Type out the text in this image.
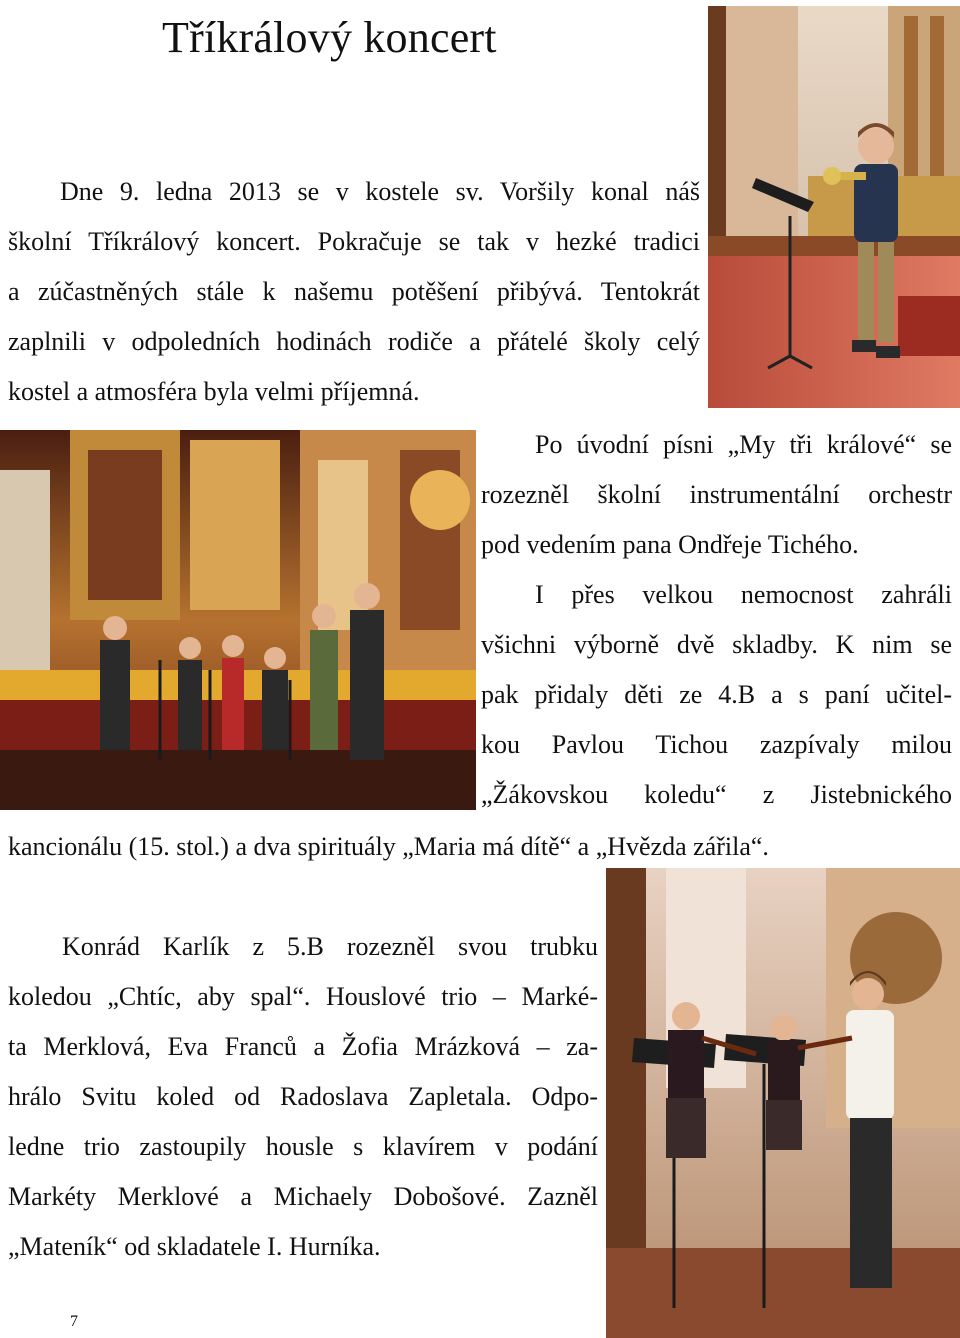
Tříkrálový koncert
Dne 9. ledna 2013 se v kostele sv. Voršily konal náš
školní Tříkrálový koncert. Pokračuje se tak v hezké tradici
a zúčastněných stále k našemu potěšení přibývá. Tentokrát
zaplnili v odpoledních hodinách rodiče a přátelé školy celý
kostel a atmosféra byla velmi příjemná.
Po úvodní písni „My tři králové“ se
rozezněl školní instrumentální orchestr
pod vedením pana Ondřeje Tichého.
I přes velkou nemocnost zahráli
všichni výborně dvě skladby. K nim se
pak přidaly děti ze 4.B a s paní učitel-
kou Pavlou Tichou zazpívaly milou
„Žákovskou koledu“ z Jistebnického
kancionálu (15. stol.) a dva spirituály „Maria má dítě“ a „Hvězda zářila“.
Konrád Karlík z 5.B rozezněl svou trubku
koledou „Chtíc, aby spal“. Houslové trio – Marké-
ta Merklová, Eva Franců a Žofia Mrázková – za-
hrálo Svitu koled od Radoslava Zapletala. Odpo-
ledne trio zastoupily housle s klavírem v podání
Markéty Merklové a Michaely Dobošové. Zazněl
„Mateník“ od skladatele I. Hurníka.
7
